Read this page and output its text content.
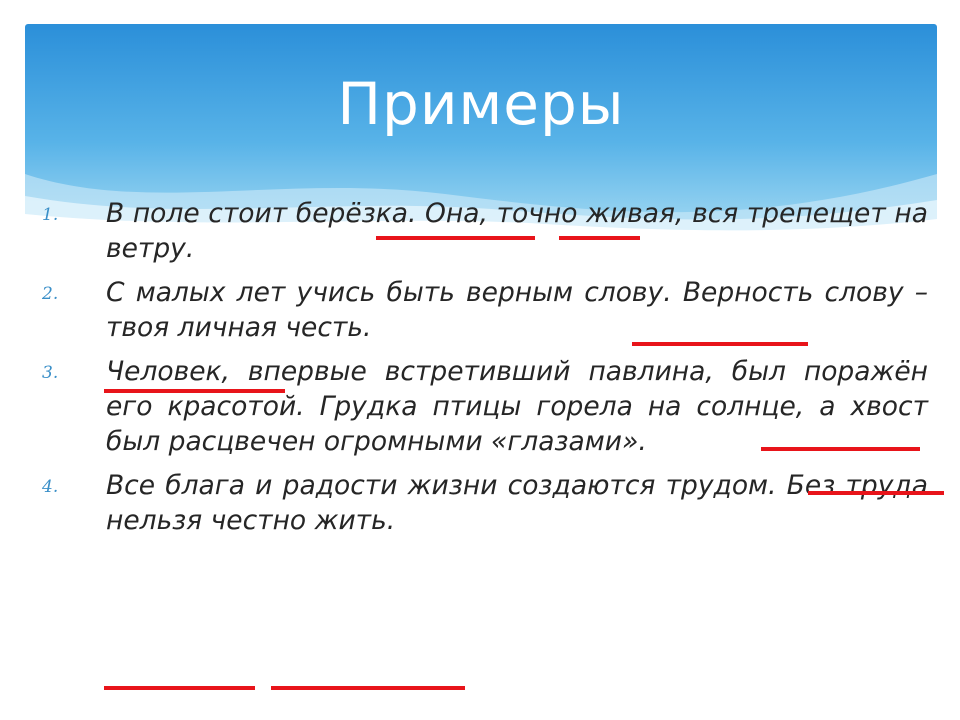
Примеры
1. В поле стоит берёзка. Она, точно живая, вся трепещет на ветру.
2. С малых лет учись быть верным слову. Верность слову – твоя личная честь.
3. Человек, впервые встретивший павлина, был поражён его красотой. Грудка птицы горела на солнце, а хвост был расцвечен огромными «глазами».
4. Все блага и радости жизни создаются трудом. Без труда нельзя честно жить.
